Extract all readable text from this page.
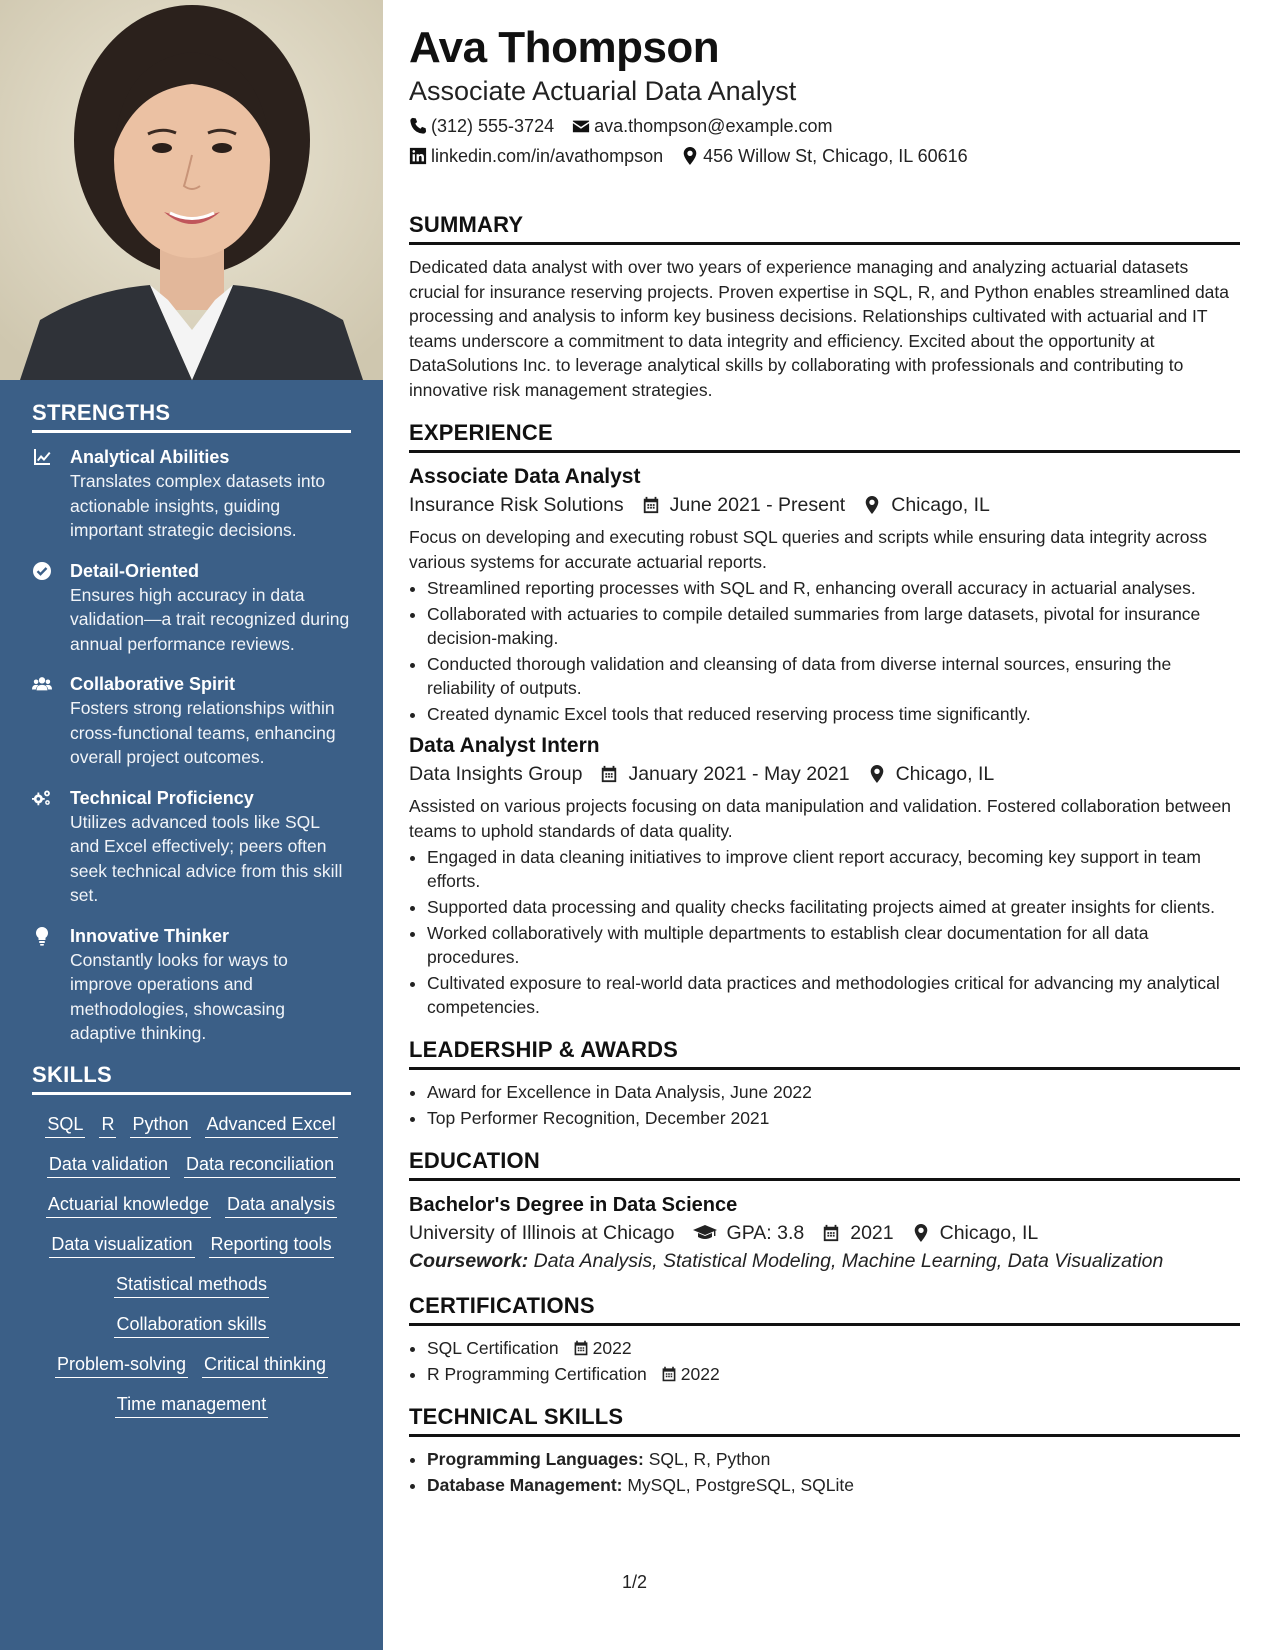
STRENGTHS
Analytical Abilities
Translates complex datasets into actionable insights, guiding important strategic decisions.
Detail-Oriented
Ensures high accuracy in data validation—a trait recognized during annual performance reviews.
Collaborative Spirit
Fosters strong relationships within cross-functional teams, enhancing overall project outcomes.
Technical Proficiency
Utilizes advanced tools like SQL and Excel effectively; peers often seek technical advice from this skill set.
Innovative Thinker
Constantly looks for ways to improve operations and methodologies, showcasing adaptive thinking.
SKILLS
SQL R Python Advanced Excel
Data validation Data reconciliation
Actuarial knowledge Data analysis
Data visualization Reporting tools
Statistical methods
Collaboration skills
Problem-solving Critical thinking
Time management
Ava Thompson
Associate Actuarial Data Analyst
(312) 555-3724 ava.thompson@example.com
linkedin.com/in/avathompson 456 Willow St, Chicago, IL 60616
SUMMARY
Dedicated data analyst with over two years of experience managing and analyzing actuarial datasets crucial for insurance reserving projects. Proven expertise in SQL, R, and Python enables streamlined data processing and analysis to inform key business decisions. Relationships cultivated with actuarial and IT teams underscore a commitment to data integrity and efficiency. Excited about the opportunity at DataSolutions Inc. to leverage analytical skills by collaborating with professionals and contributing to innovative risk management strategies.
EXPERIENCE
Associate Data Analyst
Insurance Risk Solutions June 2021 - Present Chicago, IL
Focus on developing and executing robust SQL queries and scripts while ensuring data integrity across various systems for accurate actuarial reports.
• Streamlined reporting processes with SQL and R, enhancing overall accuracy in actuarial analyses.
• Collaborated with actuaries to compile detailed summaries from large datasets, pivotal for insurance decision-making.
• Conducted thorough validation and cleansing of data from diverse internal sources, ensuring the reliability of outputs.
• Created dynamic Excel tools that reduced reserving process time significantly.
Data Analyst Intern
Data Insights Group January 2021 - May 2021 Chicago, IL
Assisted on various projects focusing on data manipulation and validation. Fostered collaboration between teams to uphold standards of data quality.
• Engaged in data cleaning initiatives to improve client report accuracy, becoming key support in team efforts.
• Supported data processing and quality checks facilitating projects aimed at greater insights for clients.
• Worked collaboratively with multiple departments to establish clear documentation for all data procedures.
• Cultivated exposure to real-world data practices and methodologies critical for advancing my analytical competencies.
LEADERSHIP & AWARDS
• Award for Excellence in Data Analysis, June 2022
• Top Performer Recognition, December 2021
EDUCATION
Bachelor's Degree in Data Science
University of Illinois at Chicago	GPA: 3.8 2021 Chicago, IL
Coursework: Data Analysis, Statistical Modeling, Machine Learning, Data Visualization
CERTIFICATIONS
• SQL Certification 2022
• R Programming Certification 2022
TECHNICAL SKILLS
• Programming Languages: SQL, R, Python
• Database Management: MySQL, PostgreSQL, SQLite
1/2
